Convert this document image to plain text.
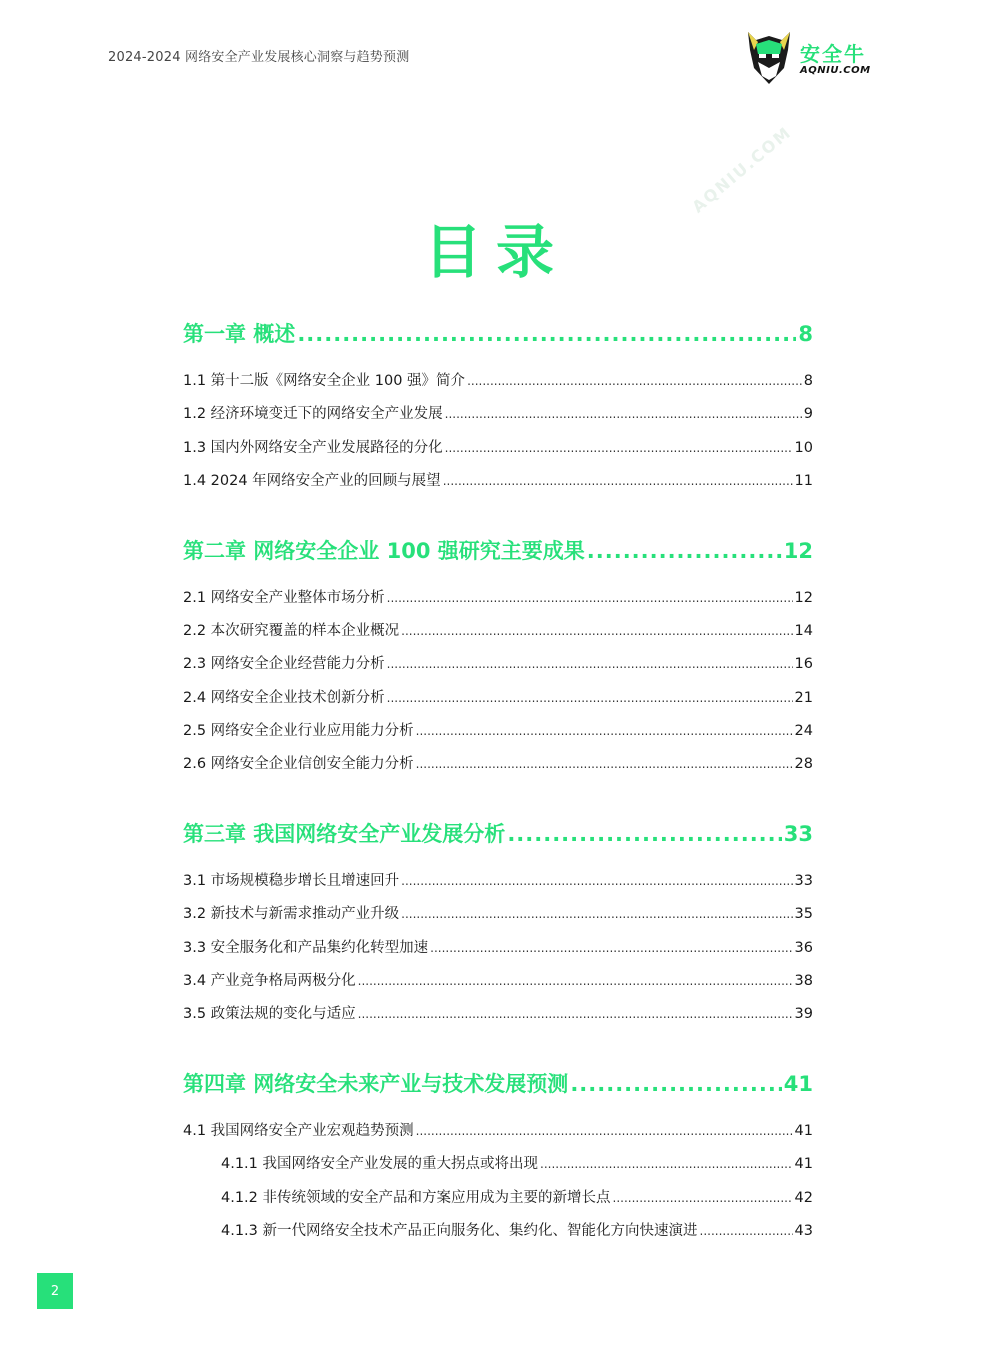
2024-2024 网络安全产业发展核心洞察与趋势预测	安全牛
AQNIU.COM
AQNIU.COM
目录
第一章 概述 .....	8
1.1 第十二版《网络安全企业 100 强》简介 .....	8
1.2 经济环境变迁下的网络安全产业发展 .....	9
1.3 国内外网络安全产业发展路径的分化 .....	10
1.4 2024 年网络安全产业的回顾与展望 .....	11
第二章 网络安全企业 100 强研究主要成果 .....	12
2.1 网络安全产业整体市场分析 .....	12
2.2 本次研究覆盖的样本企业概况 .....	14
2.3 网络安全企业经营能力分析 .....	16
2.4 网络安全企业技术创新分析 .....	21
2.5 网络安全企业行业应用能力分析 .....	24
2.6 网络安全企业信创安全能力分析 .....	28
第三章 我国网络安全产业发展分析 .....	33
3.1 市场规模稳步增长且增速回升 .....	33
3.2 新技术与新需求推动产业升级 .....	35
3.3 安全服务化和产品集约化转型加速 .....	36
3.4 产业竞争格局两极分化 .....	38
3.5 政策法规的变化与适应 .....	39
第四章 网络安全未来产业与技术发展预测 .....	41
4.1 我国网络安全产业宏观趋势预测 .....	41
4.1.1 我国网络安全产业发展的重大拐点或将出现 .....	41
4.1.2 非传统领域的安全产品和方案应用成为主要的新增长点 .....	42
4.1.3 新一代网络安全技术产品正向服务化、集约化、智能化方向快速演进 .....	43
2
